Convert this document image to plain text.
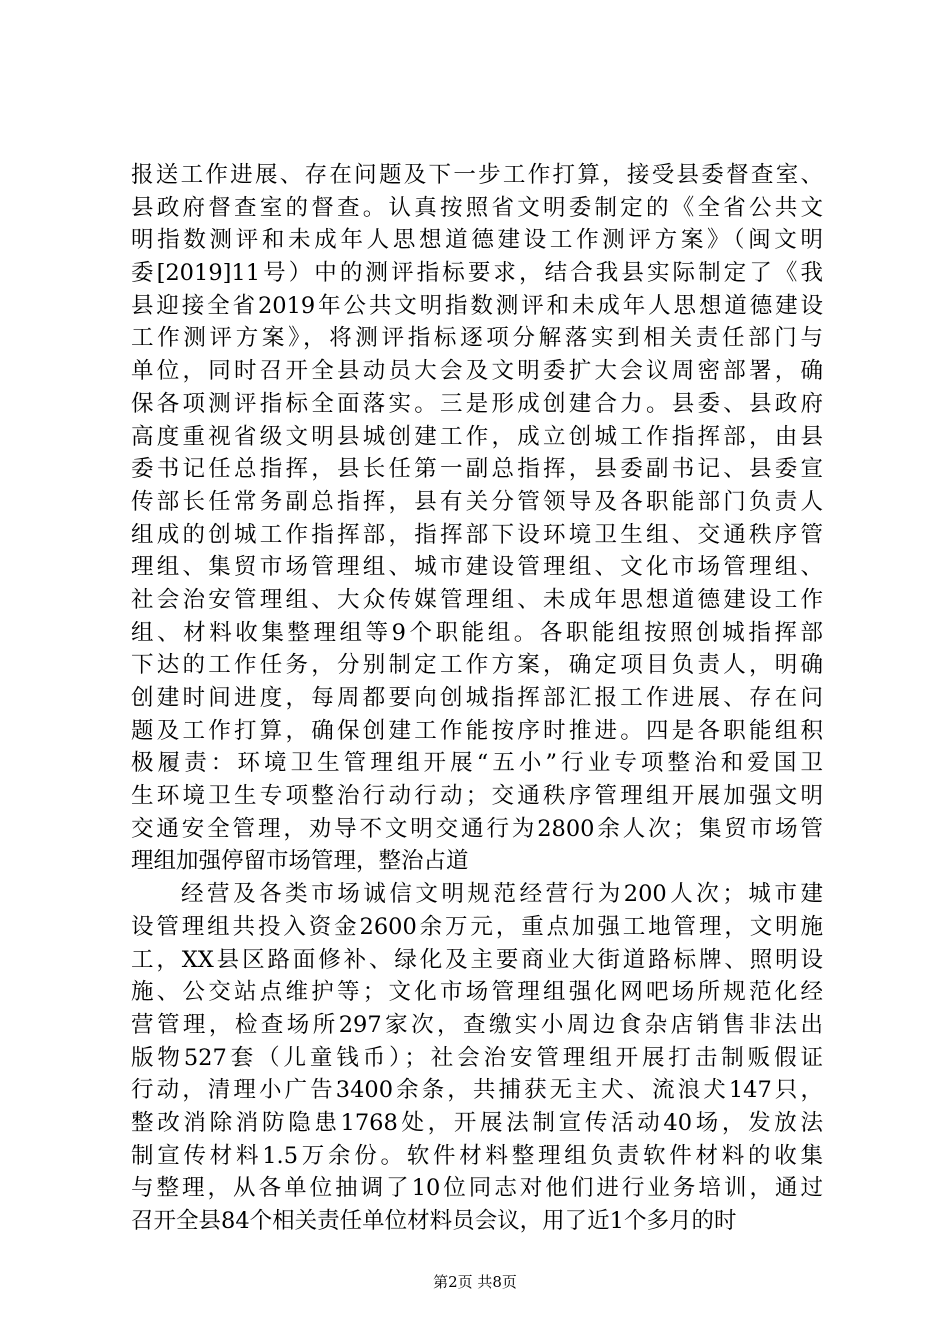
报送工作进展、存在问题及下一步工作打算，接受县委督查室、
县政府督查室的督查。认真按照省文明委制定的《全省公共文
明指数测评和未成年人思想道德建设工作测评方案》（闽文明
委[2019]11号）中的测评指标要求，结合我县实际制定了《我
县迎接全省2019年公共文明指数测评和未成年人思想道德建设
工作测评方案》，将测评指标逐项分解落实到相关责任部门与
单位，同时召开全县动员大会及文明委扩大会议周密部署，确
保各项测评指标全面落实。三是形成创建合力。县委、县政府
高度重视省级文明县城创建工作，成立创城工作指挥部，由县
委书记任总指挥，县长任第一副总指挥，县委副书记、县委宣
传部长任常务副总指挥，县有关分管领导及各职能部门负责人
组成的创城工作指挥部，指挥部下设环境卫生组、交通秩序管
理组、集贸市场管理组、城市建设管理组、文化市场管理组、
社会治安管理组、大众传媒管理组、未成年思想道德建设工作
组、材料收集整理组等9个职能组。各职能组按照创城指挥部
下达的工作任务，分别制定工作方案，确定项目负责人，明确
创建时间进度，每周都要向创城指挥部汇报工作进展、存在问
题及工作打算，确保创建工作能按序时推进。四是各职能组积
极履责：环境卫生管理组开展“五小”行业专项整治和爱国卫
生环境卫生专项整治行动行动；交通秩序管理组开展加强文明
交通安全管理，劝导不文明交通行为2800余人次；集贸市场管
理组加强停留市场管理，整治占道
经营及各类市场诚信文明规范经营行为200人次；城市建
设管理组共投入资金2600余万元，重点加强工地管理，文明施
工，XX县区路面修补、绿化及主要商业大街道路标牌、照明设
施、公交站点维护等；文化市场管理组强化网吧场所规范化经
营管理，检查场所297家次，查缴实小周边食杂店销售非法出
版物527套（儿童钱币）；社会治安管理组开展打击制贩假证
行动，清理小广告3400余条，共捕获无主犬、流浪犬147只，
整改消除消防隐患1768处，开展法制宣传活动40场，发放法
制宣传材料1.5万余份。软件材料整理组负责软件材料的收集
与整理，从各单位抽调了10位同志对他们进行业务培训，通过
召开全县84个相关责任单位材料员会议，用了近1个多月的时
第2页 共8页
